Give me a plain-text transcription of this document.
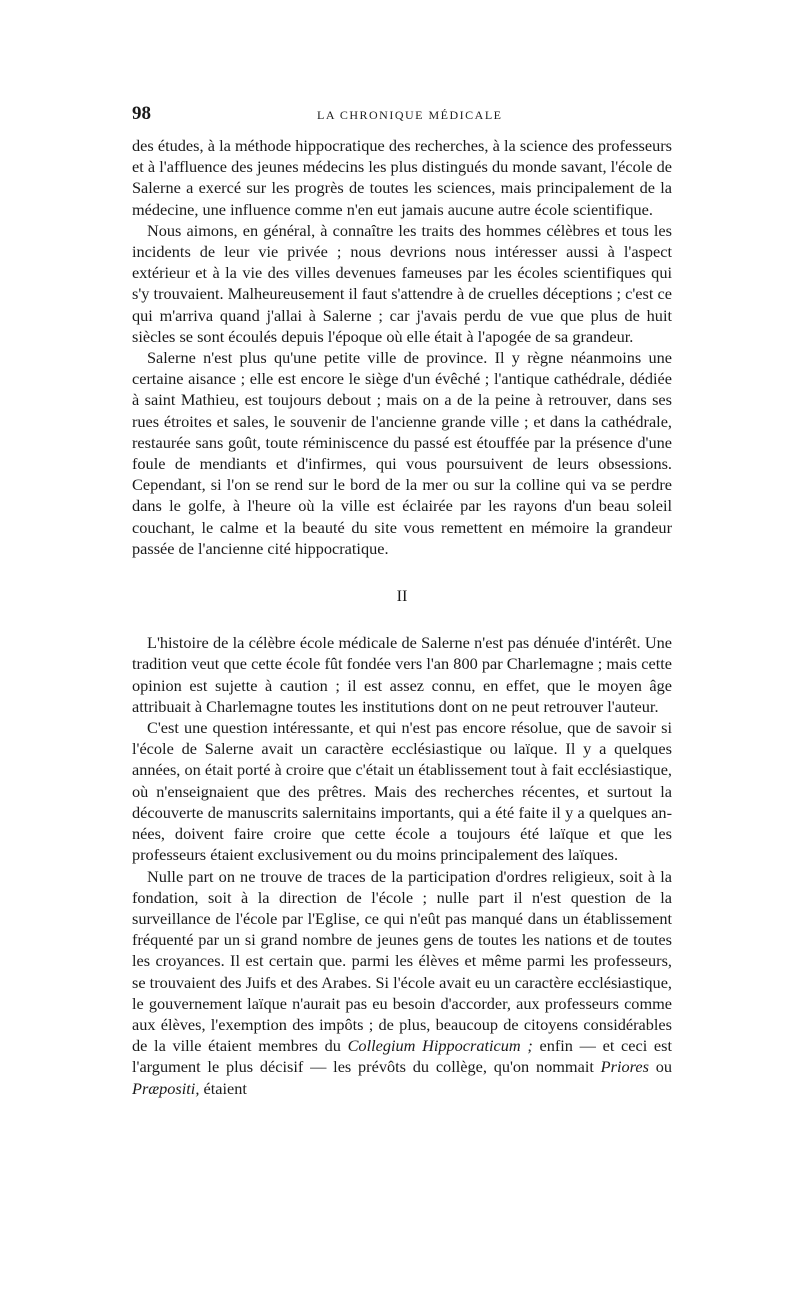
98	LA CHRONIQUE MÉDICALE

des études, à la méthode hippocratique des recherches, à la science des professeurs et à l'affluence des jeunes médecins les plus distingués du monde savant, l'école de Salerne a exercé sur les progrès de toutes les sciences, mais principalement de la médecine, une influence comme n'en eut jamais aucune autre école scientifique.

Nous aimons, en général, à connaître les traits des hommes célèbres et tous les incidents de leur vie privée ; nous devrions nous intéresser aussi à l'aspect extérieur et à la vie des villes devenues fameuses par les écoles scientifiques qui s'y trouvaient. Malheureusement il faut s'attendre à de cruelles déceptions ; c'est ce qui m'arriva quand j'allai à Salerne ; car j'avais perdu de vue que plus de huit siècles se sont écoulés depuis l'époque où elle était à l'apogée de sa grandeur.

Salerne n'est plus qu'une petite ville de province. Il y règne néanmoins une certaine aisance ; elle est encore le siège d'un évêché ; l'antique cathédrale, dédiée à saint Mathieu, est toujours debout ; mais on a de la peine à retrouver, dans ses rues étroites et sales, le souvenir de l'ancienne grande ville ; et dans la cathédrale, restaurée sans goût, toute réminiscence du passé est étouffée par la présence d'une foule de mendiants et d'infirmes, qui vous poursuivent de leurs obsessions. Cependant, si l'on se rend sur le bord de la mer ou sur la colline qui va se perdre dans le golfe, à l'heure où la ville est éclairée par les rayons d'un beau soleil couchant, le calme et la beauté du site vous remettent en mémoire la grandeur passée de l'ancienne cité hippocratique.

II

L'histoire de la célèbre école médicale de Salerne n'est pas dénuée d'intérêt. Une tradition veut que cette école fût fondée vers l'an 800 par Charlemagne ; mais cette opinion est sujette à caution ; il est assez connu, en effet, que le moyen âge attribuait à Charlemagne toutes les institutions dont on ne peut retrouver l'auteur.

C'est une question intéressante, et qui n'est pas encore résolue, que de savoir si l'école de Salerne avait un caractère ecclésiastique ou laïque. Il y a quelques années, on était porté à croire que c'était un établissement tout à fait ecclésiastique, où n'enseignaient que des prêtres. Mais des recherches récentes, et surtout la découverte de manuscrits salernitains importants, qui a été faite il y a quelques années, doivent faire croire que cette école a toujours été laïque et que les professeurs étaient exclusivement ou du moins principalement des laïques.

Nulle part on ne trouve de traces de la participation d'ordres religieux, soit à la fondation, soit à la direction de l'école ; nulle part il n'est question de la surveillance de l'école par l'Eglise, ce qui n'eût pas manqué dans un établissement fréquenté par un si grand nombre de jeunes gens de toutes les nations et de toutes les croyances. Il est certain que. parmi les élèves et même parmi les professeurs, se trouvaient des Juifs et des Arabes. Si l'école avait eu un caractère ecclésiastique, le gouvernement laïque n'aurait pas eu besoin d'accorder, aux professeurs comme aux élèves, l'exemption des impôts ; de plus, beaucoup de citoyens considérables de la ville étaient membres du Collegium Hippocraticum ; enfin — et ceci est l'argument le plus décisif — les prévôts du collège, qu'on nommait Priores ou Præpositi, étaient
